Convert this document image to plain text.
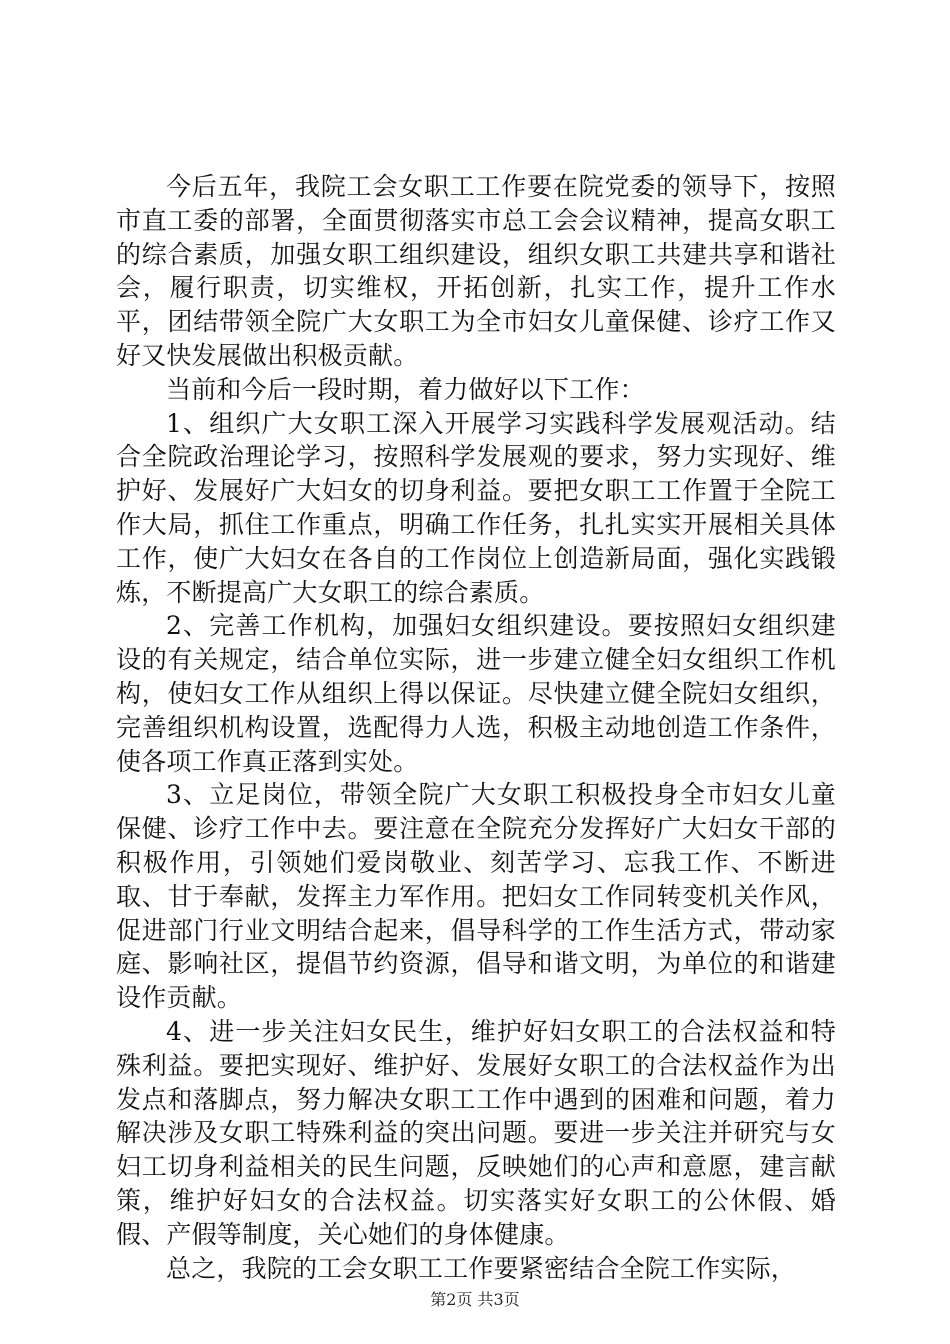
今后五年，我院工会女职工工作要在院党委的领导下，按照市直工委的部署，全面贯彻落实市总工会会议精神，提高女职工的综合素质，加强女职工组织建设，组织女职工共建共享和谐社会，履行职责，切实维权，开拓创新，扎实工作，提升工作水平，团结带领全院广大女职工为全市妇女儿童保健、诊疗工作又好又快发展做出积极贡献。

当前和今后一段时期，着力做好以下工作：

1、组织广大女职工深入开展学习实践科学发展观活动。结合全院政治理论学习，按照科学发展观的要求，努力实现好、维护好、发展好广大妇女的切身利益。要把女职工工作置于全院工作大局，抓住工作重点，明确工作任务，扎扎实实开展相关具体工作，使广大妇女在各自的工作岗位上创造新局面，强化实践锻炼，不断提高广大女职工的综合素质。

2、完善工作机构，加强妇女组织建设。要按照妇女组织建设的有关规定，结合单位实际，进一步建立健全妇女组织工作机构，使妇女工作从组织上得以保证。尽快建立健全院妇女组织，完善组织机构设置，选配得力人选，积极主动地创造工作条件，使各项工作真正落到实处。

3、立足岗位，带领全院广大女职工积极投身全市妇女儿童保健、诊疗工作中去。要注意在全院充分发挥好广大妇女干部的积极作用，引领她们爱岗敬业、刻苦学习、忘我工作、不断进取、甘于奉献，发挥主力军作用。把妇女工作同转变机关作风，促进部门行业文明结合起来，倡导科学的工作生活方式，带动家庭、影响社区，提倡节约资源，倡导和谐文明，为单位的和谐建设作贡献。

4、进一步关注妇女民生，维护好妇女职工的合法权益和特殊利益。要把实现好、维护好、发展好女职工的合法权益作为出发点和落脚点，努力解决女职工工作中遇到的困难和问题，着力解决涉及女职工特殊利益的突出问题。要进一步关注并研究与女妇工切身利益相关的民生问题，反映她们的心声和意愿，建言献策，维护好妇女的合法权益。切实落实好女职工的公休假、婚假、产假等制度，关心她们的身体健康。

总之，我院的工会女职工工作要紧密结合全院工作实际，

第2页 共3页
